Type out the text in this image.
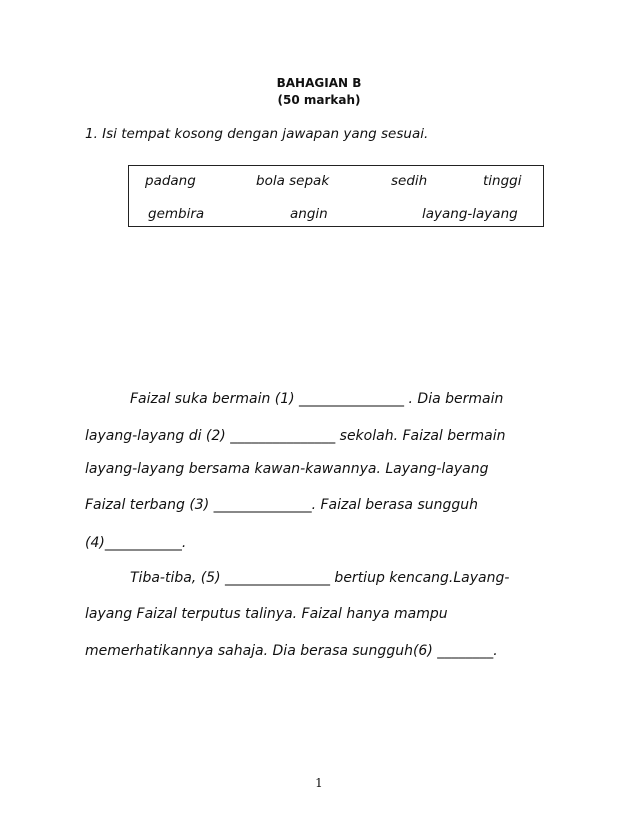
BAHAGIAN B
(50 markah)
1. Isi tempat kosong dengan jawapan yang sesuai.
padang	bola sepak	sedih	tinggi
gembira	angin	layang-layang
Faizal suka bermain (1) _______________ . Dia bermain
layang-layang di (2) _______________ sekolah. Faizal bermain
layang-layang bersama kawan-kawannya. Layang-layang
Faizal terbang (3) ______________. Faizal berasa sungguh
(4)___________.
Tiba-tiba, (5) _______________ bertiup kencang.Layang-
layang Faizal terputus talinya. Faizal hanya mampu
memerhatikannya sahaja. Dia berasa sungguh(6) ________.
1
